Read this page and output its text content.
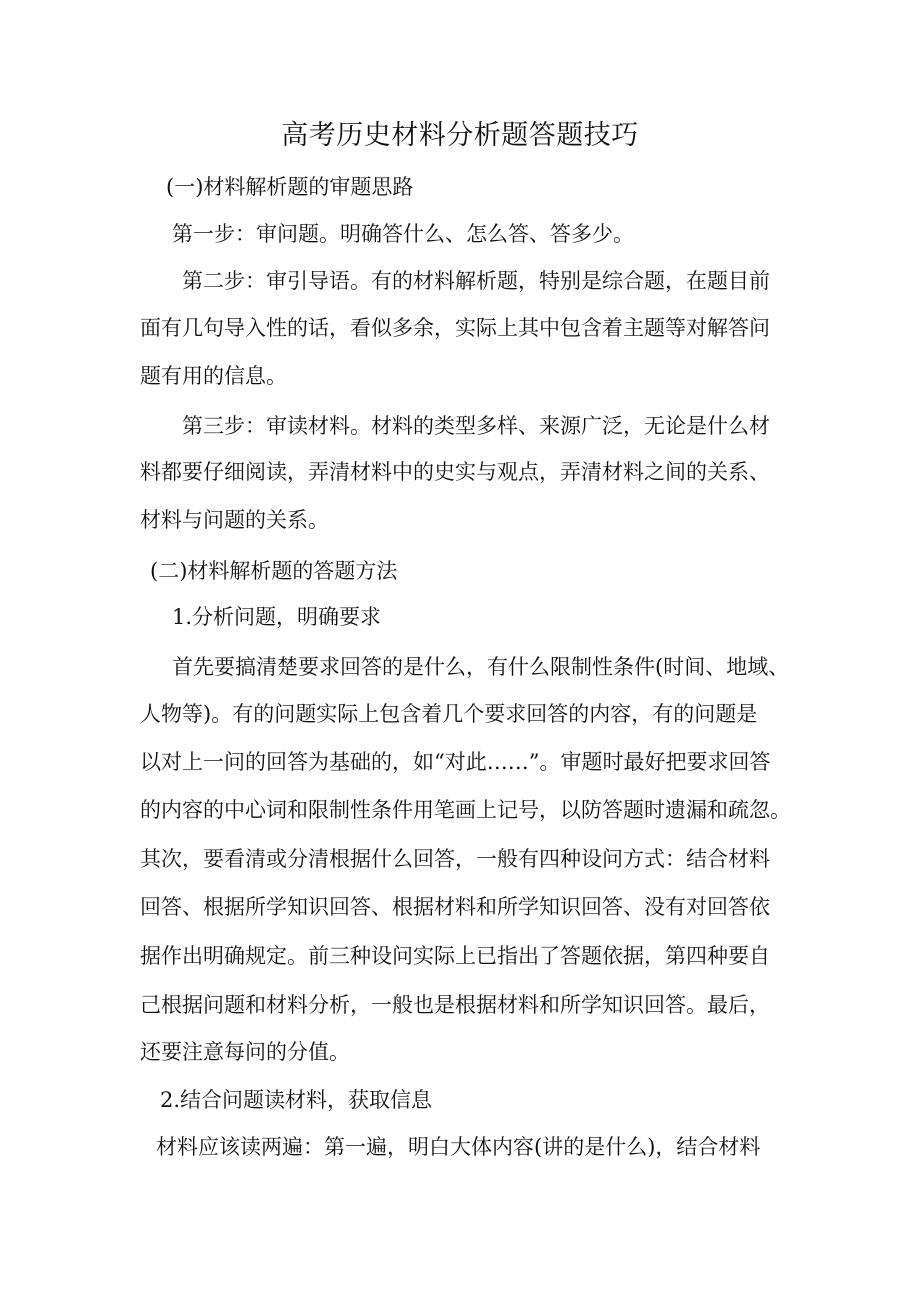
高考历史材料分析题答题技巧

(一)材料解析题的审题思路

第一步：审问题。明确答什么、怎么答、答多少。

第二步：审引导语。有的材料解析题，特别是综合题，在题目前

面有几句导入性的话，看似多余，实际上其中包含着主题等对解答问

题有用的信息。

第三步：审读材料。材料的类型多样、来源广泛，无论是什么材

料都要仔细阅读，弄清材料中的史实与观点，弄清材料之间的关系、

材料与问题的关系。

(二)材料解析题的答题方法

1.分析问题，明确要求

首先要搞清楚要求回答的是什么，有什么限制性条件(时间、地域、

人物等)。有的问题实际上包含着几个要求回答的内容，有的问题是

以对上一问的回答为基础的，如“对此……”。审题时最好把要求回答

的内容的中心词和限制性条件用笔画上记号，以防答题时遗漏和疏忽。

其次，要看清或分清根据什么回答，一般有四种设问方式：结合材料

回答、根据所学知识回答、根据材料和所学知识回答、没有对回答依

据作出明确规定。前三种设问实际上已指出了答题依据，第四种要自

己根据问题和材料分析，一般也是根据材料和所学知识回答。最后，

还要注意每问的分值。

2.结合问题读材料，获取信息

材料应该读两遍：第一遍，明白大体内容(讲的是什么)，结合材料
